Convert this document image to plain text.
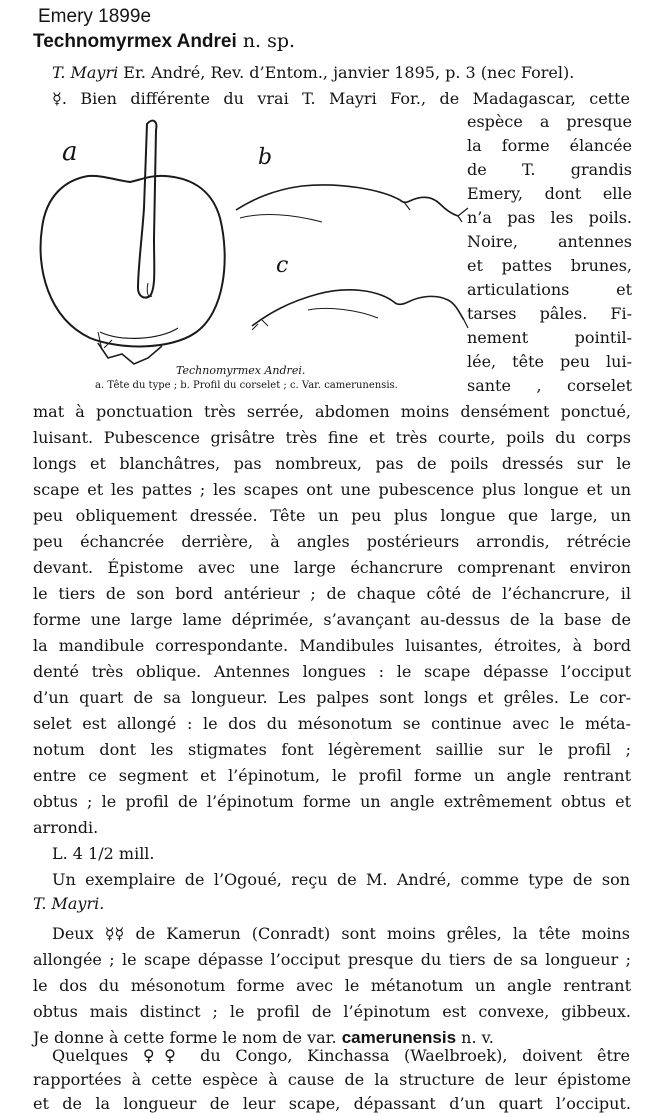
Emery 1899e
Technomyrmex Andrei n. sp.
T. Mayri Er. André, Rev. d’Entom., janvier 1895, p. 3 (nec Forel).
☿. Bien différente du vrai T. Mayri For., de Madagascar, cette
espèce a presque
la forme élancée
de T. grandis
Emery, dont elle
n’a pas les poils.
Noire, antennes
et pattes brunes,
articulations et
tarses pâles. Fi-
nement pointil-
lée, tête peu lui-
sante , corselet
a	b
c
Technomyrmex Andrei.
a. Tête du type ; b. Profil du corselet ; c. Var. camerunensis.
mat à ponctuation très serrée, abdomen moins densément ponctué,
luisant. Pubescence grisâtre très fine et très courte, poils du corps
longs et blanchâtres, pas nombreux, pas de poils dressés sur le
scape et les pattes ; les scapes ont une pubescence plus longue et un
peu obliquement dressée. Tête un peu plus longue que large, un
peu échancrée derrière, à angles postérieurs arrondis, rétrécie
devant. Épistome avec une large échancrure comprenant environ
le tiers de son bord antérieur ; de chaque côté de l’échancrure, il
forme une large lame déprimée, s’avançant au-dessus de la base de
la mandibule correspondante. Mandibules luisantes, étroites, à bord
denté très oblique. Antennes longues : le scape dépasse l’occiput
d’un quart de sa longueur. Les palpes sont longs et grêles. Le cor-
selet est allongé : le dos du mésonotum se continue avec le méta-
notum dont les stigmates font légèrement saillie sur le profil ;
entre ce segment et l’épinotum, le profil forme un angle rentrant
obtus ; le profil de l’épinotum forme un angle extrêmement obtus et
arrondi.
L. 4 1/2 mill.
Un exemplaire de l’Ogoué, reçu de M. André, comme type de son
T. Mayri.
Deux ☿☿ de Kamerun (Conradt) sont moins grêles, la tête moins
allongée ; le scape dépasse l’occiput presque du tiers de sa longueur ;
le dos du mésonotum forme avec le métanotum un angle rentrant
obtus mais distinct ; le profil de l’épinotum est convexe, gibbeux.
Je donne à cette forme le nom de var. camerunensis n. v.
Quelques ♀♀ du Congo, Kinchassa (Waelbroek), doivent être
rapportées à cette espèce à cause de la structure de leur épistome
et de la longueur de leur scape, dépassant d’un quart l’occiput.
